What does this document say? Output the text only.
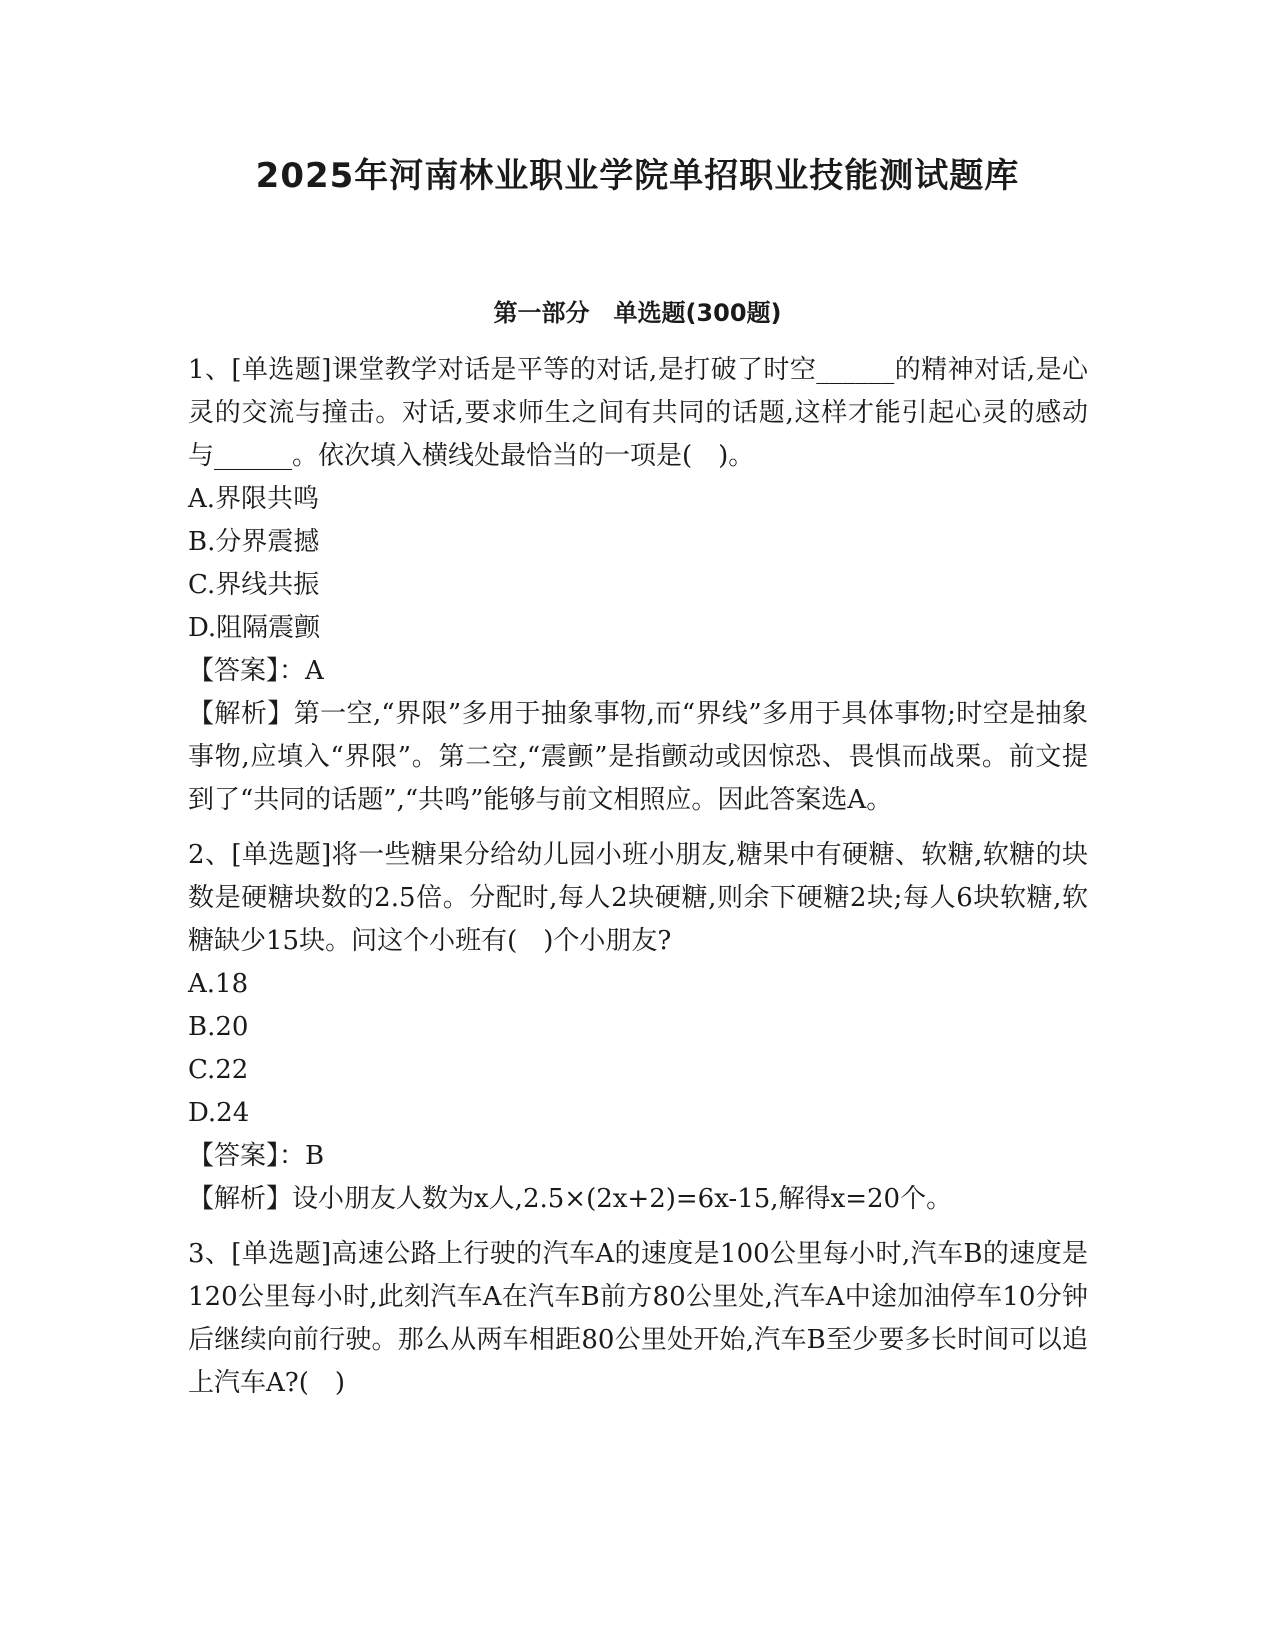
2025年河南林业职业学院单招职业技能测试题库
第一部分　单选题(300题)

1、[单选题]课堂教学对话是平等的对话,是打破了时空______的精神对话,是心灵的交流与撞击。对话,要求师生之间有共同的话题,这样才能引起心灵的感动与______。依次填入横线处最恰当的一项是(　)。

A.界限共鸣
B.分界震撼
C.界线共振
D.阻隔震颤

【答案】：A

【解析】第一空,“界限”多用于抽象事物,而“界线”多用于具体事物;时空是抽象事物,应填入“界限”。第二空,“震颤”是指颤动或因惊恐、畏惧而战栗。前文提到了“共同的话题”,“共鸣”能够与前文相照应。因此答案选A。

2、[单选题]将一些糖果分给幼儿园小班小朋友,糖果中有硬糖、软糖,软糖的块数是硬糖块数的2.5倍。分配时,每人2块硬糖,则余下硬糖2块;每人6块软糖,软糖缺少15块。问这个小班有(　)个小朋友?

A.18
B.20
C.22
D.24

【答案】：B

【解析】设小朋友人数为x人,2.5×(2x+2)=6x-15,解得x=20个。

3、[单选题]高速公路上行驶的汽车A的速度是100公里每小时,汽车B的速度是120公里每小时,此刻汽车A在汽车B前方80公里处,汽车A中途加油停车10分钟后继续向前行驶。那么从两车相距80公里处开始,汽车B至少要多长时间可以追上汽车A?(　)
